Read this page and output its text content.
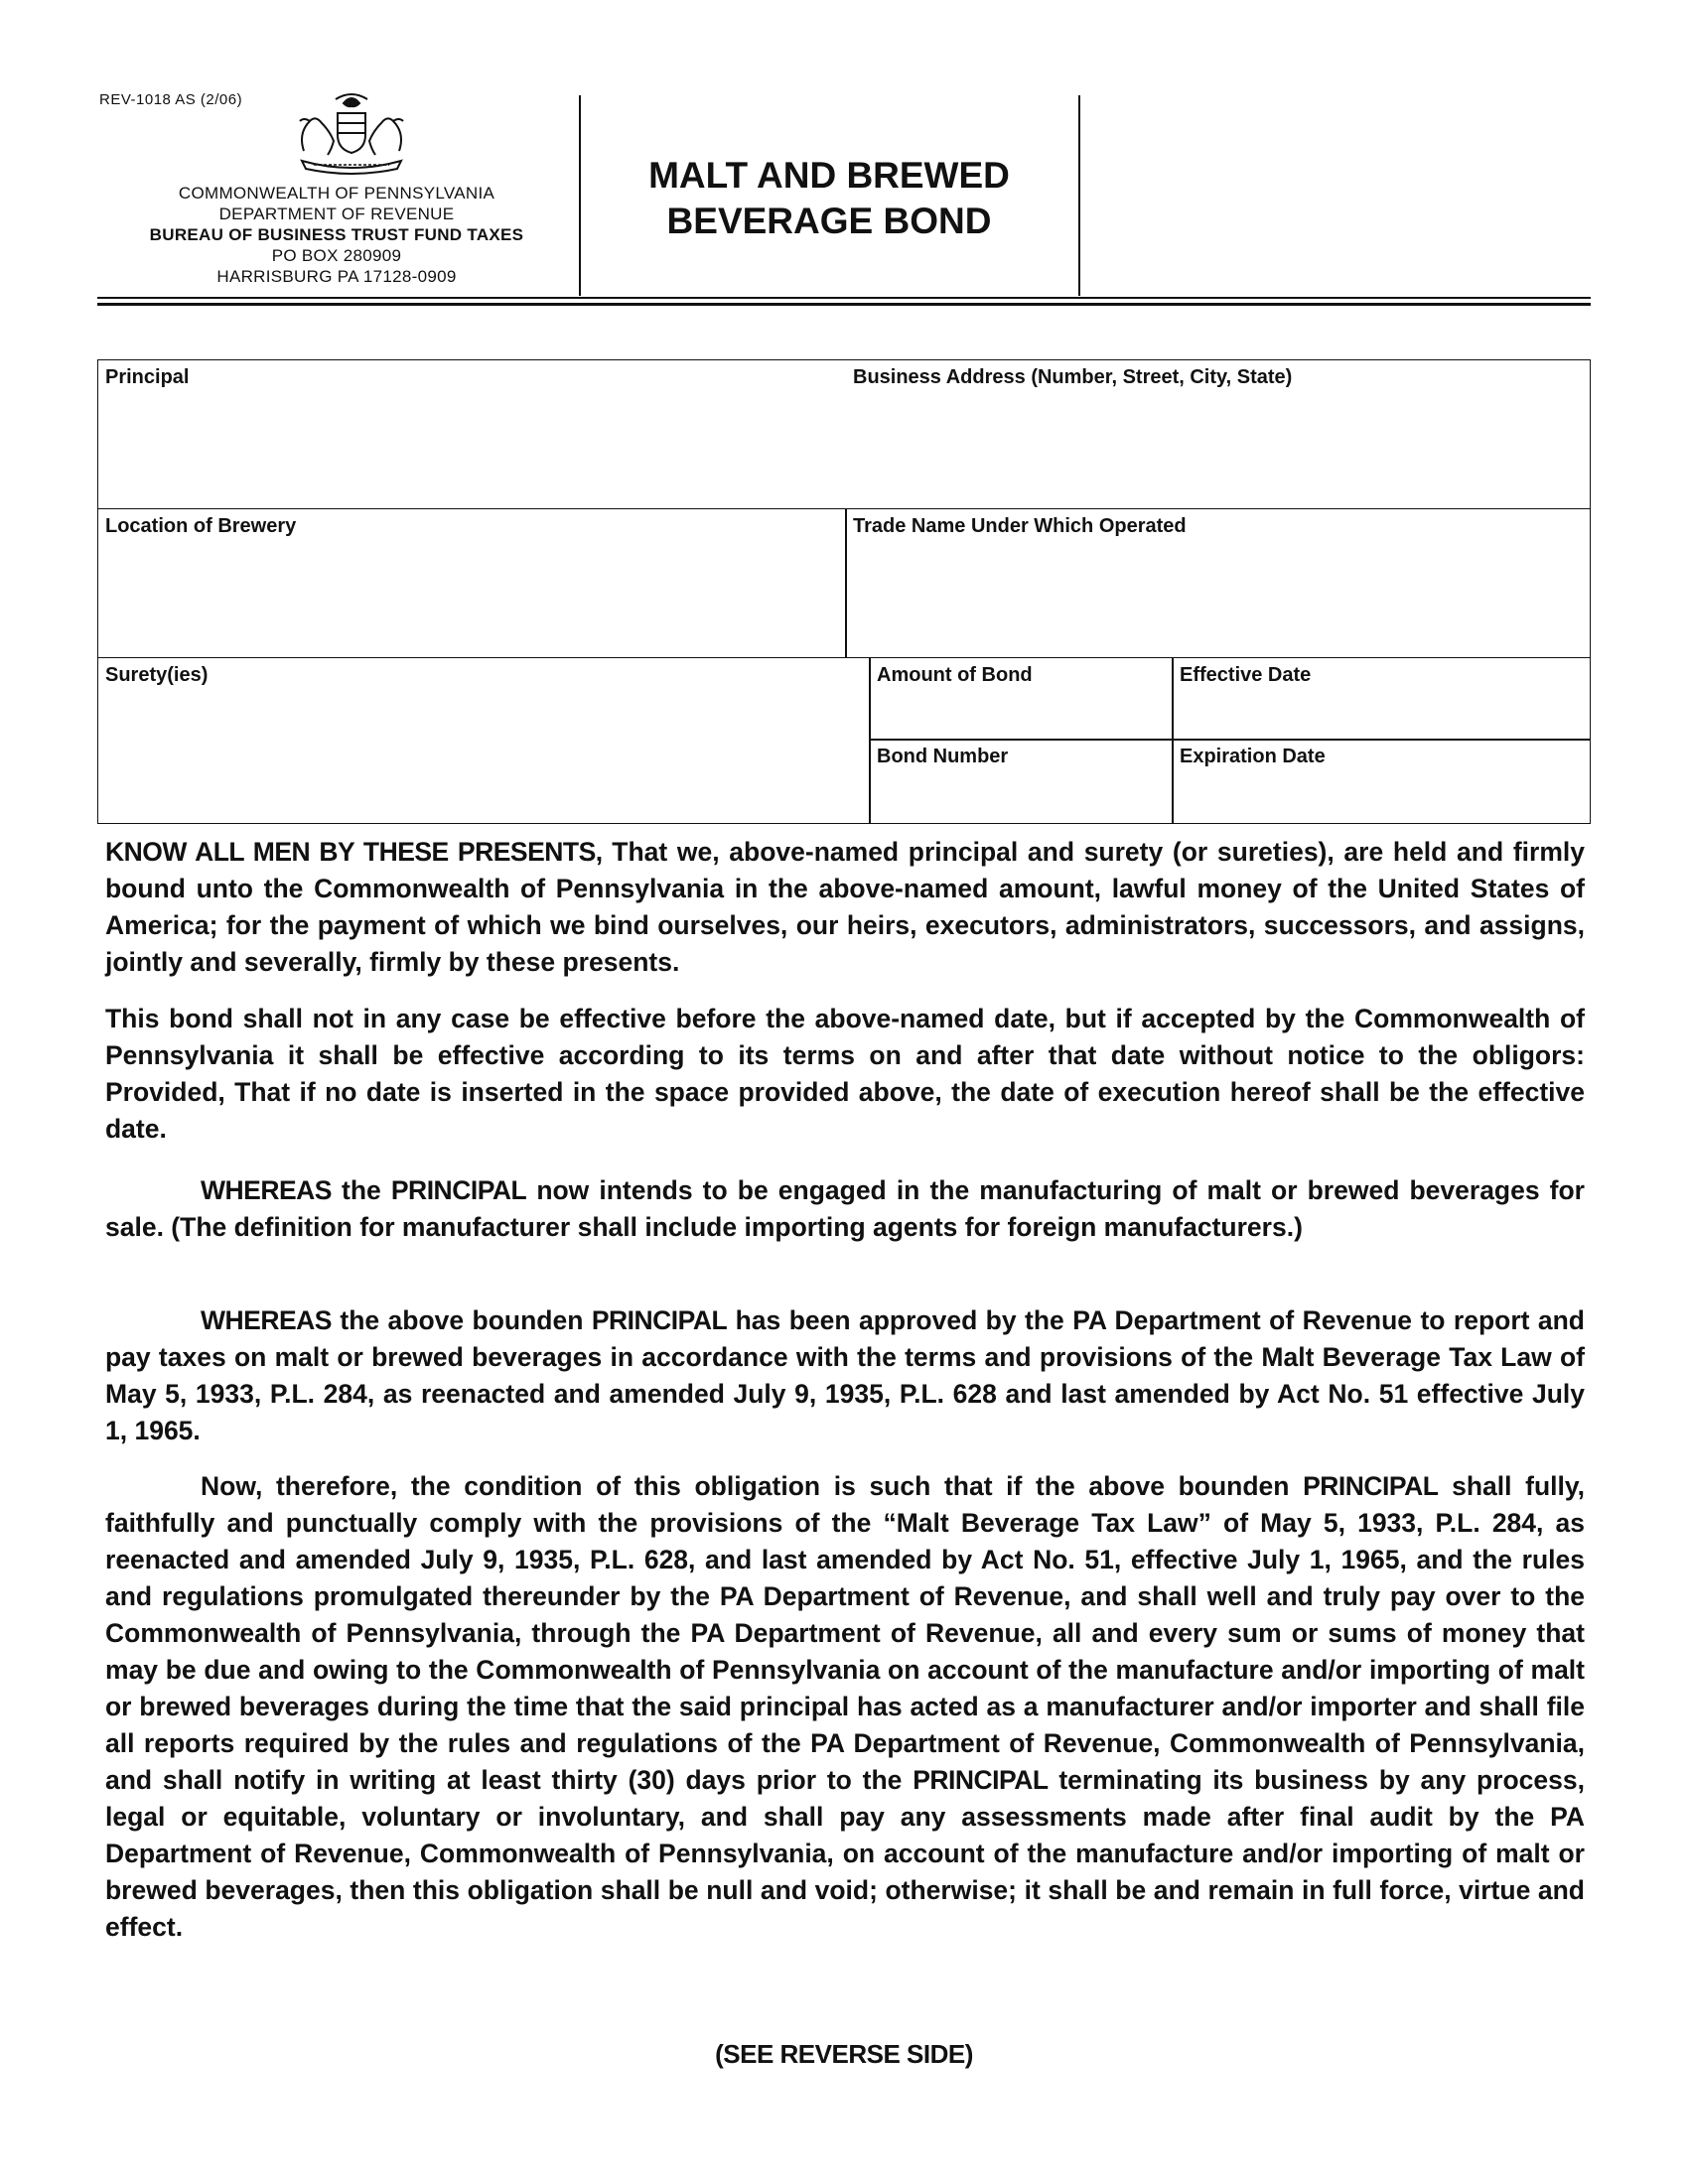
REV-1018 AS (2/06)
COMMONWEALTH OF PENNSYLVANIA
DEPARTMENT OF REVENUE
BUREAU OF BUSINESS TRUST FUND TAXES
PO BOX 280909
HARRISBURG PA 17128-0909
MALT AND BREWED
BEVERAGE BOND
Principal	Business Address (Number, Street, City, State)
Location of Brewery	Trade Name Under Which Operated
Surety(ies)	Amount of Bond	Effective Date
Bond Number	Expiration Date

KNOW ALL MEN BY THESE PRESENTS, That we, above-named principal and surety (or sureties), are held and firmly bound unto the Commonwealth of Pennsylvania in the above-named amount, lawful money of the United States of America; for the payment of which we bind ourselves, our heirs, executors, administrators, successors, and assigns, jointly and severally, firmly by these presents.

This bond shall not in any case be effective before the above-named date, but if accepted by the Commonwealth of Pennsylvania it shall be effective according to its terms on and after that date without notice to the obligors: Provided, That if no date is inserted in the space provided above, the date of execution hereof shall be the effective date.

WHEREAS the PRINCIPAL now intends to be engaged in the manufacturing of malt or brewed beverages for sale. (The definition for manufacturer shall include importing agents for foreign manufacturers.)

WHEREAS the above bounden PRINCIPAL has been approved by the PA Department of Revenue to report and pay taxes on malt or brewed beverages in accordance with the terms and provisions of the Malt Beverage Tax Law of May 5, 1933, P.L. 284, as reenacted and amended July 9, 1935, P.L. 628 and last amended by Act No. 51 effective July 1, 1965.

Now, therefore, the condition of this obligation is such that if the above bounden PRINCIPAL shall fully, faithfully and punctually comply with the provisions of the “Malt Beverage Tax Law” of May 5, 1933, P.L. 284, as reenacted and amended July 9, 1935, P.L. 628, and last amended by Act No. 51, effective July 1, 1965, and the rules and regulations promulgated thereunder by the PA Department of Revenue, and shall well and truly pay over to the Commonwealth of Pennsylvania, through the PA Department of Revenue, all and every sum or sums of money that may be due and owing to the Commonwealth of Pennsylvania on account of the manufacture and/or importing of malt or brewed beverages during the time that the said principal has acted as a manufacturer and/or importer and shall file all reports required by the rules and regulations of the PA Department of Revenue, Commonwealth of Pennsylvania, and shall notify in writing at least thirty (30) days prior to the PRINCIPAL terminating its business by any process, legal or equitable, voluntary or involuntary, and shall pay any assessments made after final audit by the PA Department of Revenue, Commonwealth of Pennsylvania, on account of the manufacture and/or importing of malt or brewed beverages, then this obligation shall be null and void; otherwise; it shall be and remain in full force, virtue and effect.

(SEE REVERSE SIDE)
